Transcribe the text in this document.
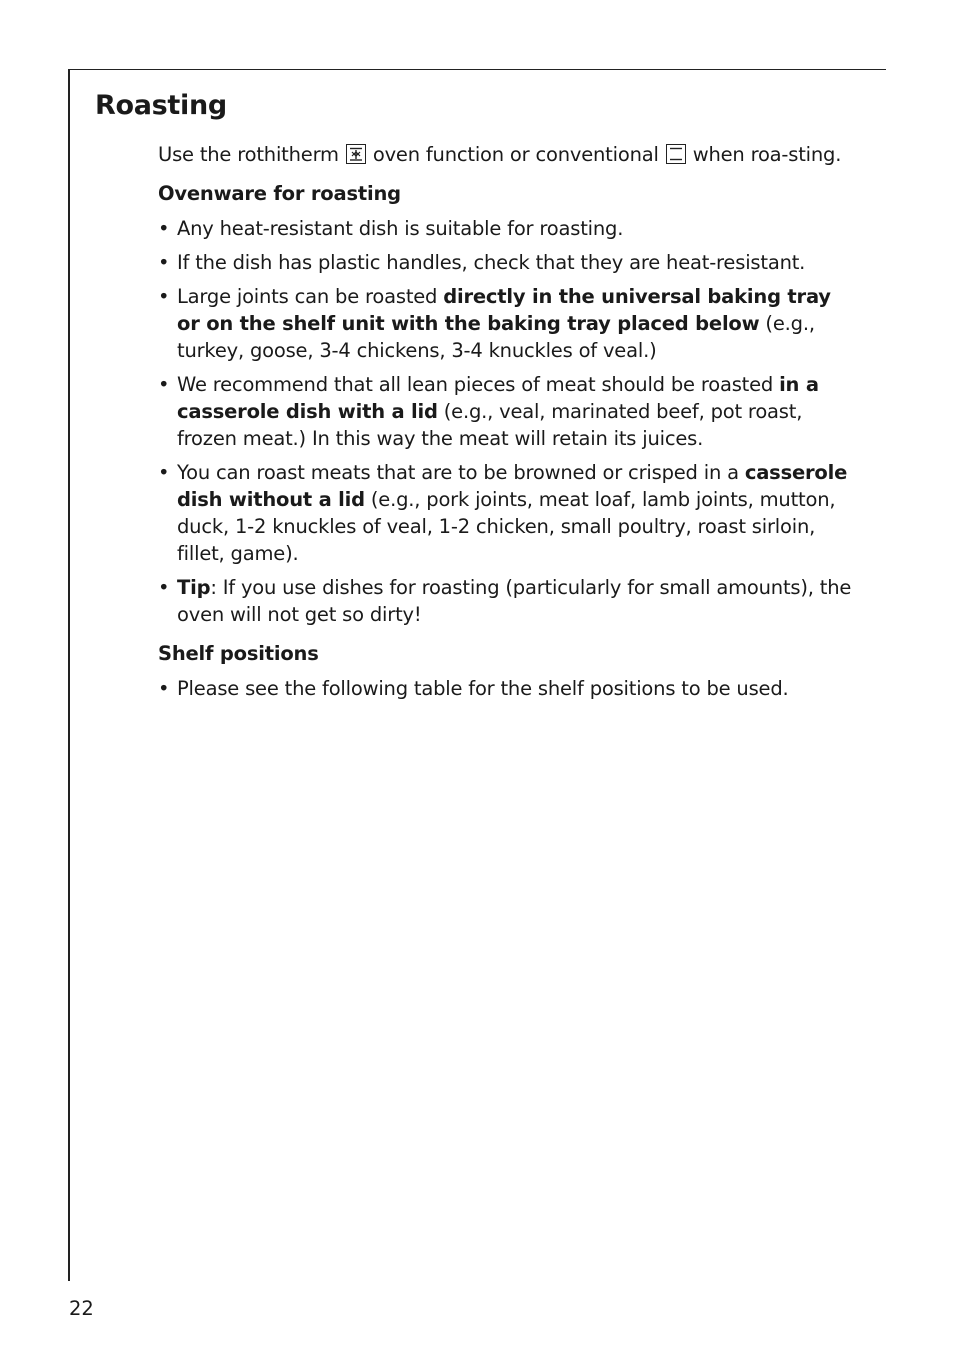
Roasting

Use the rothitherm
oven function or conventional
when roa-sting.

Ovenware for roasting

• Any heat-resistant dish is suitable for roasting.
• If the dish has plastic handles, check that they are heat-resistant.
• Large joints can be roasted directly in the universal baking tray or on the shelf unit with the baking tray placed below (e.g., turkey, goose, 3-4 chickens, 3-4 knuckles of veal.)
• We recommend that all lean pieces of meat should be roasted in a casserole dish with a lid (e.g., veal, marinated beef, pot roast, frozen meat.) In this way the meat will retain its juices.
• You can roast meats that are to be browned or crisped in a casserole dish without a lid (e.g., pork joints, meat loaf, lamb joints, mutton, duck, 1-2 knuckles of veal, 1-2 chicken, small poultry, roast sirloin, fillet, game).
• Tip: If you use dishes for roasting (particularly for small amounts), the oven will not get so dirty!

Shelf positions

• Please see the following table for the shelf positions to be used.
22
